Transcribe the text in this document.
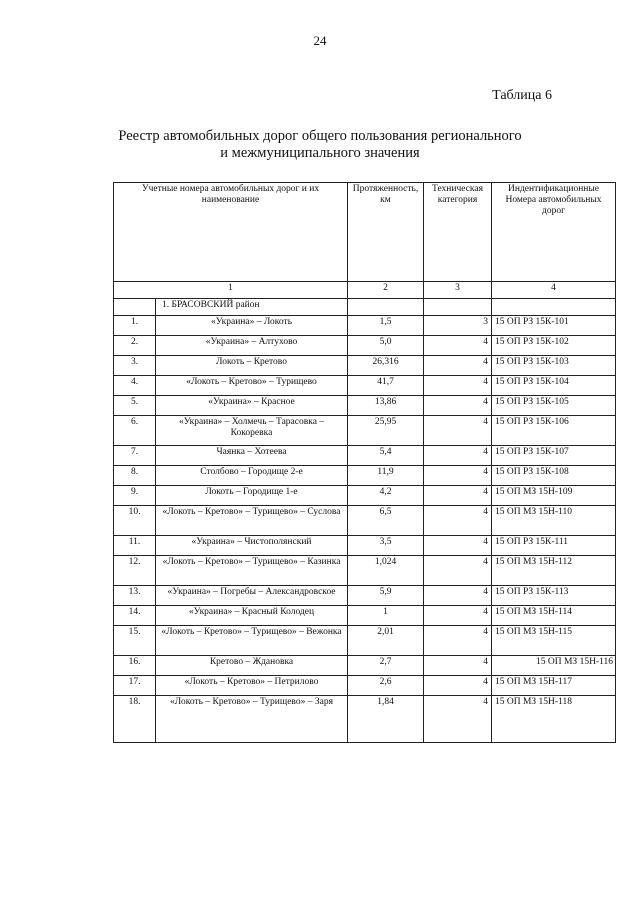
24
Таблица 6
Реестр автомобильных дорог общего пользования регионального
и межмуниципального значения
Учетные номера автомобильных дорог и их наименование		Протяженность, км	Техническая категория	Индентификационные Номера автомобильных дорог
1		2	3	4
	1. БРАСОВСКИЙ район			
1.	«Украина» – Локоть	1,5	3	15 ОП РЗ 15К-101
2.	«Украина» – Алтухово	5,0	4	15 ОП РЗ 15К-102
3.	Локоть – Кретово	26,316	4	15 ОП РЗ 15К-103
4.	«Локоть – Кретово» – Турищево	41,7	4	15 ОП РЗ 15К-104
5.	«Украина» – Красное	13,86	4	15 ОП РЗ 15К-105
6.	«Украина» – Холмечь – Тарасовка – Кокоревка	25,95	4	15 ОП РЗ 15К-106
7.	Чаянка – Хотеева	5,4	4	15 ОП РЗ 15К-107
8.	Столбово – Городище 2-е	11,9	4	15 ОП РЗ 15К-108
9.	Локоть – Городище 1-е	4,2	4	15 ОП МЗ 15Н-109
10.	«Локоть – Кретово» – Турищево» – Суслова	6,5	4	15 ОП МЗ 15Н-110
11.	«Украина» – Чистополянский	3,5	4	15 ОП РЗ 15К-111
12.	«Локоть – Кретово» – Турищево» – Казинка	1,024	4	15 ОП МЗ 15Н-112
13.	«Украина» – Погребы – Александровское	5,9	4	15 ОП РЗ 15К-113
14.	«Украина» – Красный Колодец	1	4	15 ОП МЗ 15Н-114
15.	«Локоть – Кретово» – Турищево» – Вежонка	2,01	4	15 ОП МЗ 15Н-115
16.	Кретово – Ждановка	2,7	4	15 ОП МЗ 15Н-116
17.	«Локоть – Кретово» – Петрилово	2,6	4	15 ОП МЗ 15Н-117
18.	«Локоть – Кретово» – Турищево» – Заря	1,84	4	15 ОП МЗ 15Н-118
